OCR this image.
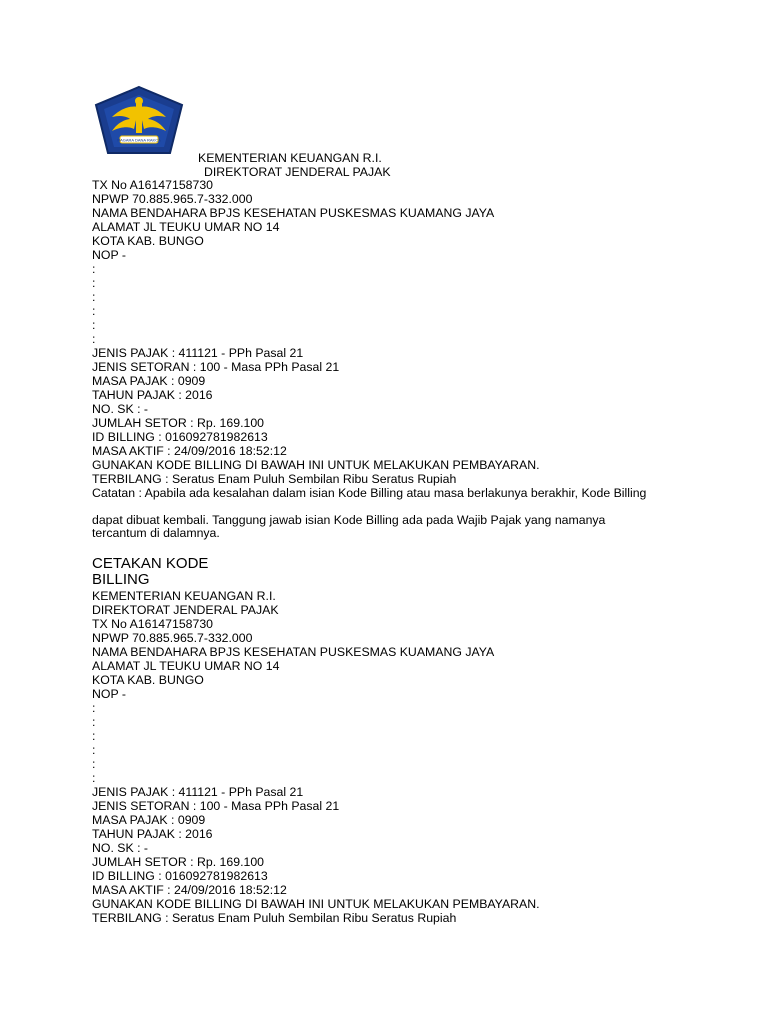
NAGARA DANA RAKCA
KEMENTERIAN KEUANGAN R.I.
DIREKTORAT JENDERAL PAJAK
TX No A16147158730
NPWP 70.885.965.7-332.000
NAMA BENDAHARA BPJS KESEHATAN PUSKESMAS KUAMANG JAYA
ALAMAT JL TEUKU UMAR NO 14
KOTA KAB. BUNGO
NOP -
:
:
:
:
:
:
JENIS PAJAK : 411121 - PPh Pasal 21
JENIS SETORAN : 100 - Masa PPh Pasal 21
MASA PAJAK : 0909
TAHUN PAJAK : 2016
NO. SK : -
JUMLAH SETOR : Rp. 169.100
ID BILLING : 016092781982613
MASA AKTIF : 24/09/2016 18:52:12
GUNAKAN KODE BILLING DI BAWAH INI UNTUK MELAKUKAN PEMBAYARAN.
TERBILANG : Seratus Enam Puluh Sembilan Ribu Seratus Rupiah
Catatan : Apabila ada kesalahan dalam isian Kode Billing atau masa berlakunya berakhir, Kode Billing
dapat dibuat kembali. Tanggung jawab isian Kode Billing ada pada Wajib Pajak yang namanya tercantum di dalamnya.
CETAKAN KODE
BILLING
KEMENTERIAN KEUANGAN R.I.
DIREKTORAT JENDERAL PAJAK
TX No A16147158730
NPWP 70.885.965.7-332.000
NAMA BENDAHARA BPJS KESEHATAN PUSKESMAS KUAMANG JAYA
ALAMAT JL TEUKU UMAR NO 14
KOTA KAB. BUNGO
NOP -
:
:
:
:
:
:
JENIS PAJAK : 411121 - PPh Pasal 21
JENIS SETORAN : 100 - Masa PPh Pasal 21
MASA PAJAK : 0909
TAHUN PAJAK : 2016
NO. SK : -
JUMLAH SETOR : Rp. 169.100
ID BILLING : 016092781982613
MASA AKTIF : 24/09/2016 18:52:12
GUNAKAN KODE BILLING DI BAWAH INI UNTUK MELAKUKAN PEMBAYARAN.
TERBILANG : Seratus Enam Puluh Sembilan Ribu Seratus Rupiah
